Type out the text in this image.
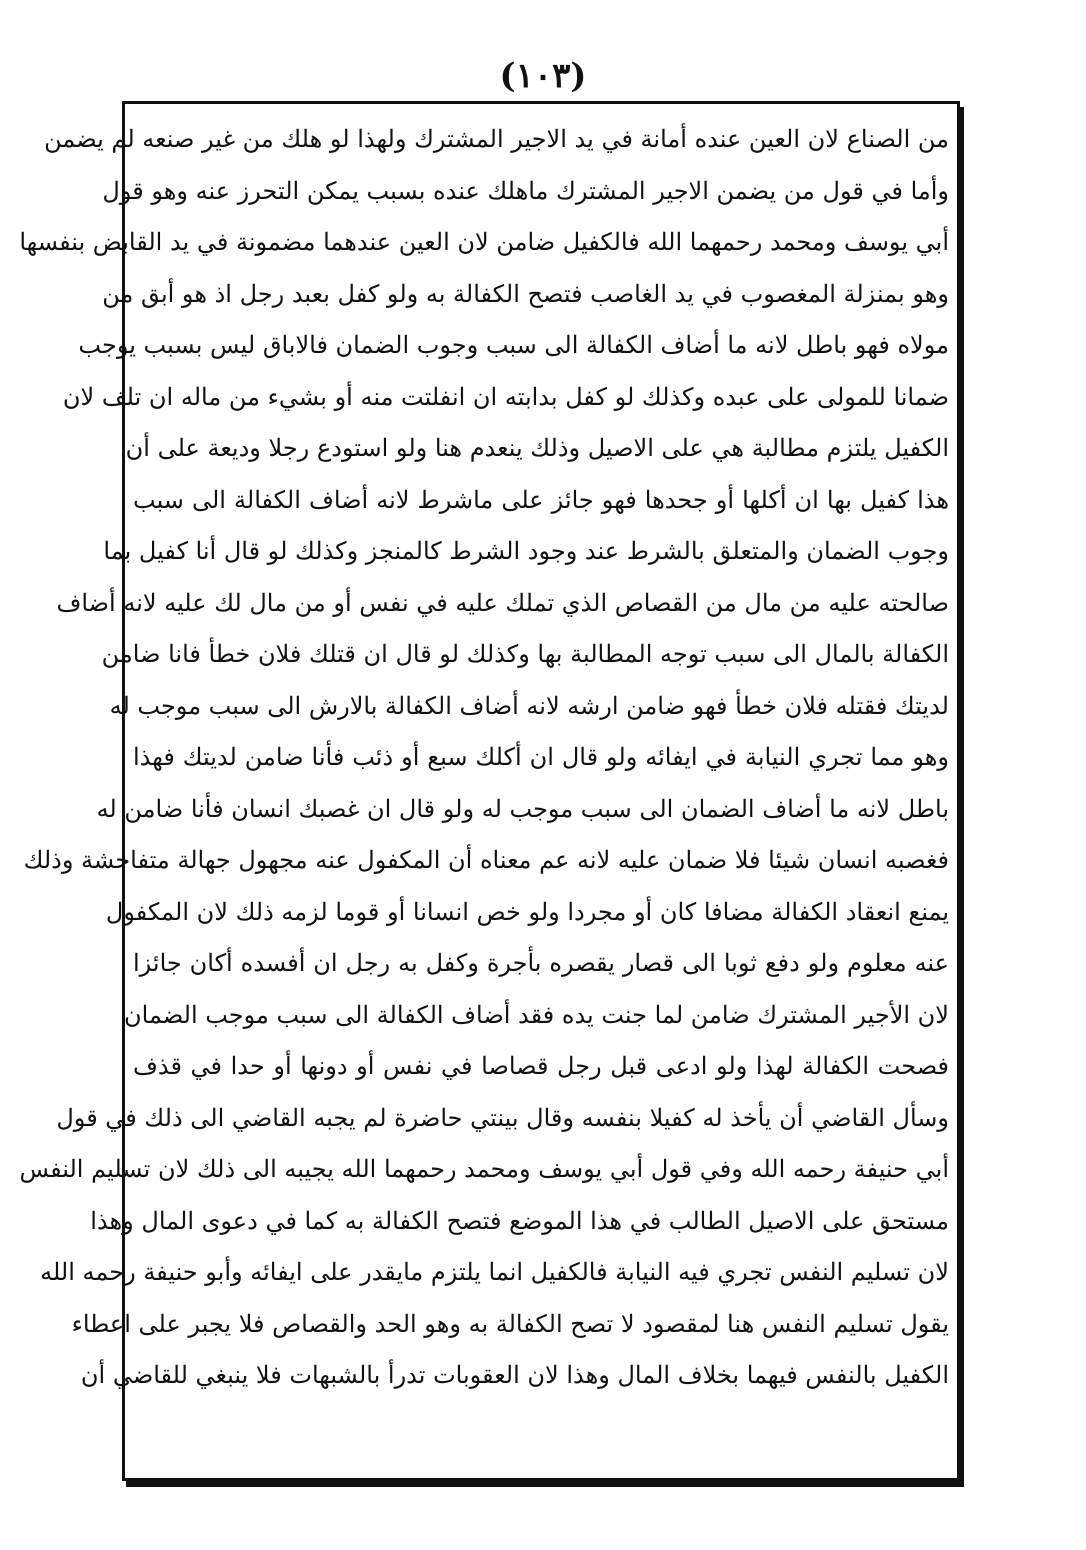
(١٠٣)
من الصناع لان العين عنده أمانة في يد الاجير المشترك ولهذا لو هلك من غير صنعه لم يضمن
وأما في قول من يضمن الاجير المشترك ماهلك عنده بسبب يمكن التحرز عنه وهو قول
أبي يوسف ومحمد رحمهما الله فالكفيل ضامن لان العين عندهما مضمونة في يد القابض بنفسها
وهو بمنزلة المغصوب في يد الغاصب فتصح الكفالة به ولو كفل بعبد رجل اذ هو أبق من
مولاه فهو باطل لانه ما أضاف الكفالة الى سبب وجوب الضمان فالاباق ليس بسبب يوجب
ضمانا للمولى على عبده وكذلك لو كفل بدابته ان انفلتت منه أو بشيء من ماله ان تلف لان
الكفيل يلتزم مطالبة هي على الاصيل وذلك ينعدم هنا ولو استودع رجلا وديعة على أن
هذا كفيل بها ان أكلها أو جحدها فهو جائز على ماشرط لانه أضاف الكفالة الى سبب
وجوب الضمان والمتعلق بالشرط عند وجود الشرط كالمنجز وكذلك لو قال أنا كفيل بما
صالحته عليه من مال من القصاص الذي تملك عليه في نفس أو من مال لك عليه لانه أضاف
الكفالة بالمال الى سبب توجه المطالبة بها وكذلك لو قال ان قتلك فلان خطأ فانا ضامن
لديتك فقتله فلان خطأ فهو ضامن ارشه لانه أضاف الكفالة بالارش الى سبب موجب له
وهو مما تجري النيابة في ايفائه ولو قال ان أكلك سبع أو ذئب فأنا ضامن لديتك فهذا
باطل لانه ما أضاف الضمان الى سبب موجب له ولو قال ان غصبك انسان فأنا ضامن له
فغصبه انسان شيئا فلا ضمان عليه لانه عم معناه أن المكفول عنه مجهول جهالة متفاحشة وذلك
يمنع انعقاد الكفالة مضافا كان أو مجردا ولو خص انسانا أو قوما لزمه ذلك لان المكفول
عنه معلوم ولو دفع ثوبا الى قصار يقصره بأجرة وكفل به رجل ان أفسده أكان جائزا
لان الأجير المشترك ضامن لما جنت يده فقد أضاف الكفالة الى سبب موجب الضمان
فصحت الكفالة لهذا ولو ادعى قبل رجل قصاصا في نفس أو دونها أو حدا في قذف
وسأل القاضي أن يأخذ له كفيلا بنفسه وقال بينتي حاضرة لم يجبه القاضي الى ذلك في قول
أبي حنيفة رحمه الله وفي قول أبي يوسف ومحمد رحمهما الله يجيبه الى ذلك لان تسليم النفس
مستحق على الاصيل الطالب في هذا الموضع فتصح الكفالة به كما في دعوى المال وهذا
لان تسليم النفس تجري فيه النيابة فالكفيل انما يلتزم مايقدر على ايفائه وأبو حنيفة رحمه الله
يقول تسليم النفس هنا لمقصود لا تصح الكفالة به وهو الحد والقصاص فلا يجبر على اعطاء
الكفيل بالنفس فيهما بخلاف المال وهذا لان العقوبات تدرأ بالشبهات فلا ينبغي للقاضي أن
